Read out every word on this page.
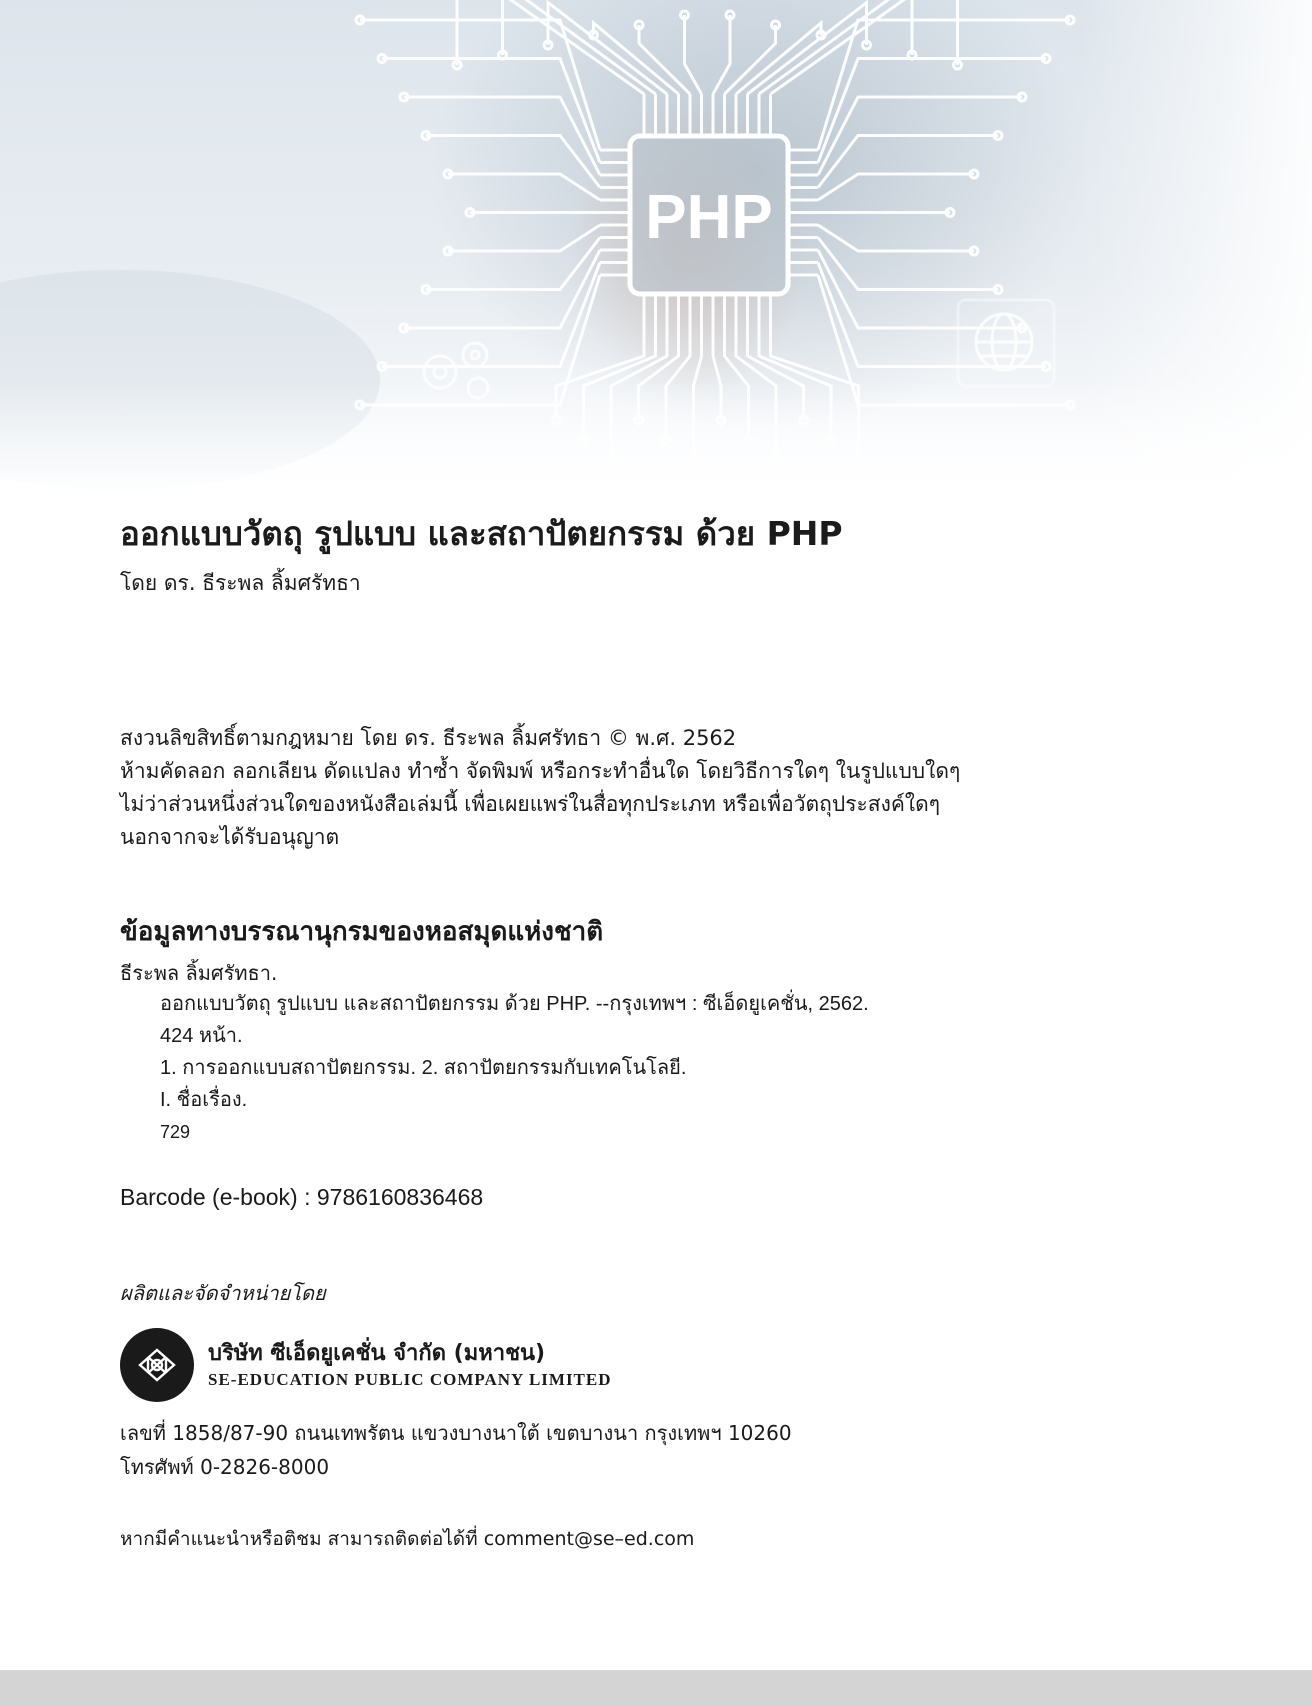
PHP
ออกแบบวัตถุ รูปแบบ และสถาปัตยกรรม ด้วย PHP
โดย ดร. ธีระพล ลิ้มศรัทธา
สงวนลิขสิทธิ์ตามกฎหมาย โดย ดร. ธีระพล ลิ้มศรัทธา © พ.ศ. 2562
ห้ามคัดลอก ลอกเลียน ดัดแปลง ทำซ้ำ จัดพิมพ์ หรือกระทำอื่นใด โดยวิธีการใดๆ ในรูปแบบใดๆ
ไม่ว่าส่วนหนึ่งส่วนใดของหนังสือเล่มนี้ เพื่อเผยแพร่ในสื่อทุกประเภท หรือเพื่อวัตถุประสงค์ใดๆ
นอกจากจะได้รับอนุญาต
ข้อมูลทางบรรณานุกรมของหอสมุดแห่งชาติ
ธีระพล ลิ้มศรัทธา.
ออกแบบวัตถุ รูปแบบ และสถาปัตยกรรม ด้วย PHP. --กรุงเทพฯ : ซีเอ็ดยูเคชั่น, 2562.
424 หน้า.
1. การออกแบบสถาปัตยกรรม. 2. สถาปัตยกรรมกับเทคโนโลยี.
I. ชื่อเรื่อง.
729
Barcode (e-book) : 9786160836468
ผลิตและจัดจำหน่ายโดย
บริษัท ซีเอ็ดยูเคชั่น จำกัด (มหาชน)
SE-EDUCATION PUBLIC COMPANY LIMITED
เลขที่ 1858/87-90 ถนนเทพรัตน แขวงบางนาใต้ เขตบางนา กรุงเทพฯ 10260
โทรศัพท์ 0-2826-8000
หากมีคำแนะนำหรือติชม สามารถติดต่อได้ที่ comment@se–ed.com
